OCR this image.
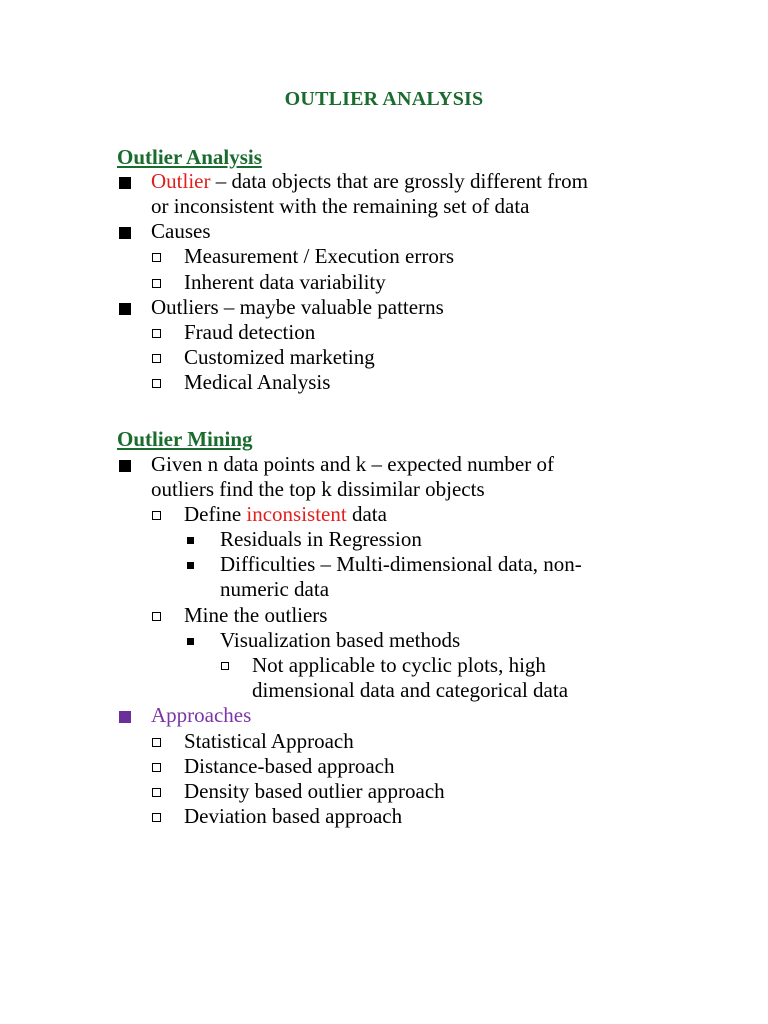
OUTLIER ANALYSIS
Outlier Analysis
Outlier – data objects that are grossly different from
or inconsistent with the remaining set of data
Causes
Measurement / Execution errors
Inherent data variability
Outliers – maybe valuable patterns
Fraud detection
Customized marketing
Medical Analysis
Outlier Mining
Given n data points and k – expected number of
outliers find the top k dissimilar objects
Define inconsistent data
Residuals in Regression
Difficulties – Multi-dimensional data, non-
numeric data
Mine the outliers
Visualization based methods
Not applicable to cyclic plots, high
dimensional data and categorical data
Approaches
Statistical Approach
Distance-based approach
Density based outlier approach
Deviation based approach
